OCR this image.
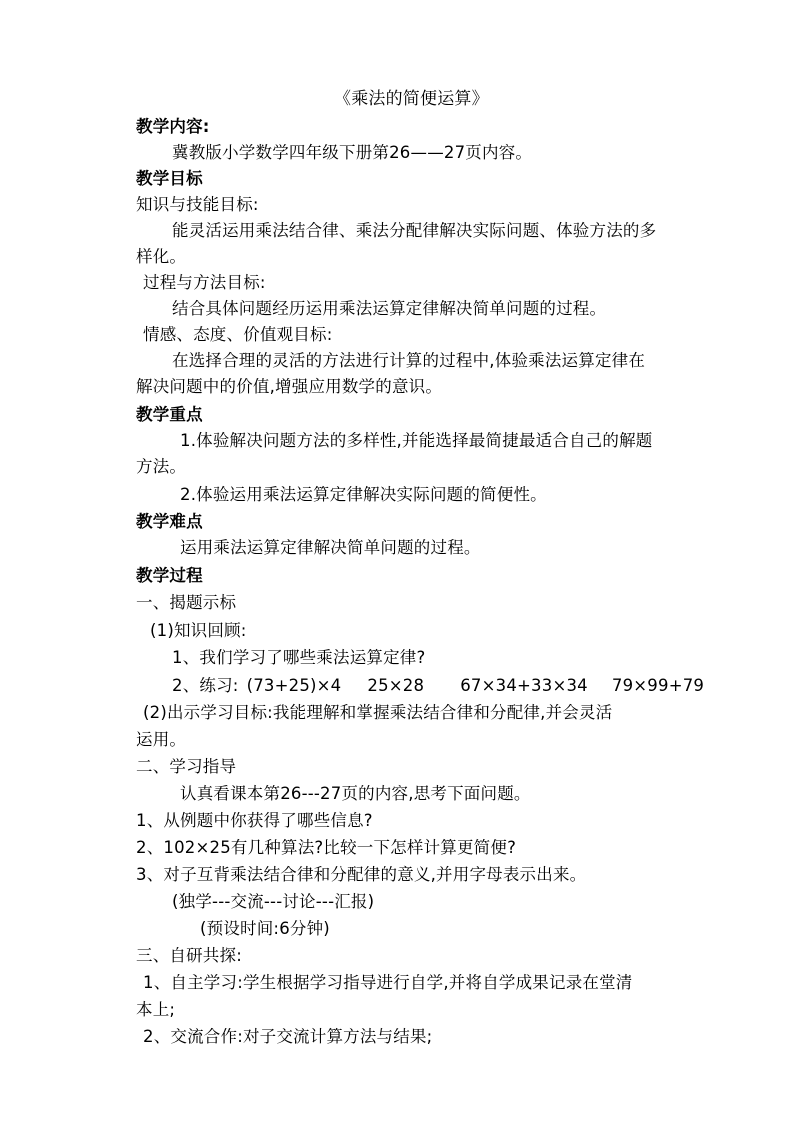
《乘法的简便运算》
教学内容:
冀教版小学数学四年级下册第26——27页内容。
教学目标
知识与技能目标:
能灵活运用乘法结合律、乘法分配律解决实际问题、体验方法的多
样化。
过程与方法目标:
结合具体问题经历运用乘法运算定律解决简单问题的过程。
情感、态度、价值观目标:
在选择合理的灵活的方法进行计算的过程中,体验乘法运算定律在
解决问题中的价值,增强应用数学的意识。
教学重点
1.体验解决问题方法的多样性,并能选择最简捷最适合自己的解题
方法。
2.体验运用乘法运算定律解决实际问题的简便性。
教学难点
运用乘法运算定律解决简单问题的过程。
教学过程
一、揭题示标
(1)知识回顾:
1、我们学习了哪些乘法运算定律?
2、练习: (73+25)×4 25×28 67×34+33×34 79×99+79
(2)出示学习目标:我能理解和掌握乘法结合律和分配律,并会灵活
运用。
二、学习指导
认真看课本第26---27页的内容,思考下面问题。
1、从例题中你获得了哪些信息?
2、102×25有几种算法?比较一下怎样计算更简便?
3、对子互背乘法结合律和分配律的意义,并用字母表示出来。
(独学---交流---讨论---汇报)
(预设时间:6分钟)
三、自研共探:
1、自主学习:学生根据学习指导进行自学,并将自学成果记录在堂清
本上;
2、交流合作:对子交流计算方法与结果;
